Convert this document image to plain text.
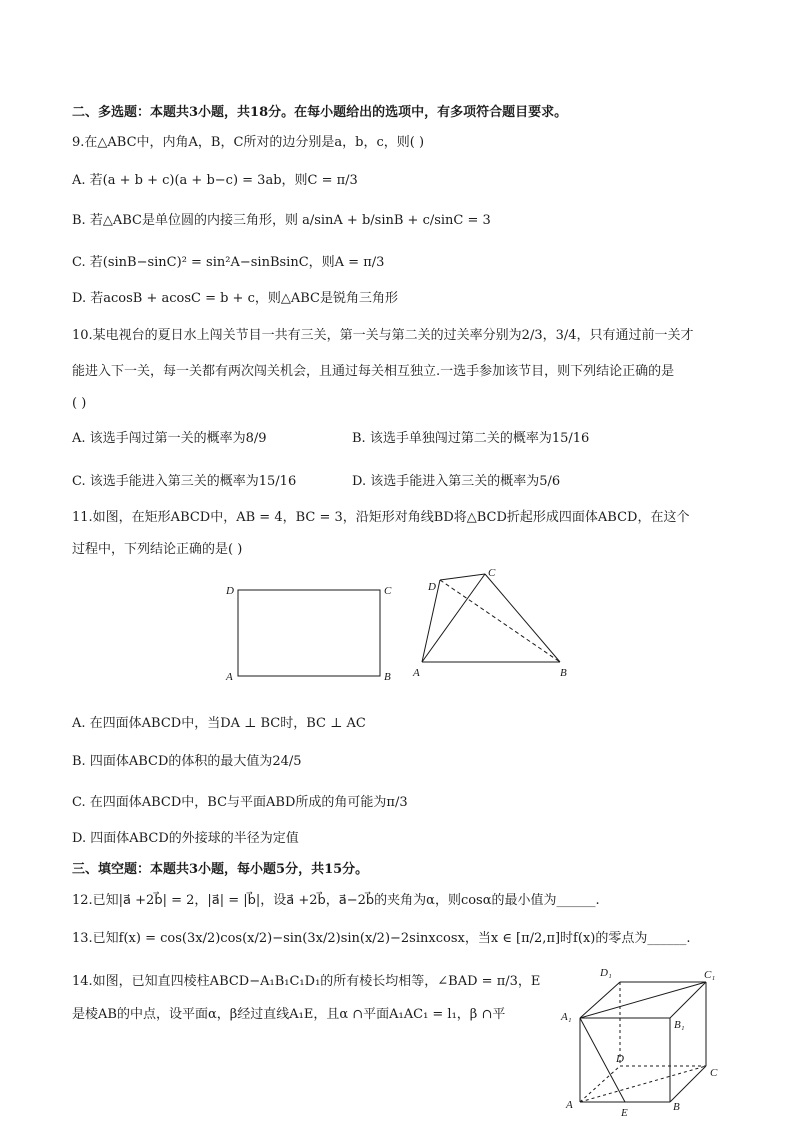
二、多选题：本题共3小题，共18分。在每小题给出的选项中，有多项符合题目要求。
9.在△ABC中，内角A，B，C所对的边分别是a，b，c，则( )
A. 若(a + b + c)(a + b−c) = 3ab，则C = π/3
B. 若△ABC是单位圆的内接三角形，则 a/sinA + b/sinB + c/sinC = 3
C. 若(sinB−sinC)² = sin²A−sinBsinC，则A = π/3
D. 若acosB + acosC = b + c，则△ABC是锐角三角形
10.某电视台的夏日水上闯关节目一共有三关，第一关与第二关的过关率分别为2/3，3/4，只有通过前一关才
能进入下一关，每一关都有两次闯关机会，且通过每关相互独立.一选手参加该节目，则下列结论正确的是
( )
A. 该选手闯过第一关的概率为8/9	B. 该选手单独闯过第二关的概率为15/16
C. 该选手能进入第三关的概率为15/16	D. 该选手能进入第三关的概率为5/6
11.如图，在矩形ABCD中，AB = 4，BC = 3，沿矩形对角线BD将△BCD折起形成四面体ABCD，在这个
过程中，下列结论正确的是( )
D	C
A	B
D
C
A	B
A. 在四面体ABCD中，当DA ⊥ BC时，BC ⊥ AC
B. 四面体ABCD的体积的最大值为24/5
C. 在四面体ABCD中，BC与平面ABD所成的角可能为π/3
D. 四面体ABCD的外接球的半径为定值
三、填空题：本题共3小题，每小题5分，共15分。
12.已知|a⃗ +2b⃗| = 2，|a⃗| = |b⃗|，设a⃗ +2b⃗，a⃗−2b⃗的夹角为α，则cosα的最小值为______.
13.已知f(x) = cos(3x/2)cos(x/2)−sin(3x/2)sin(x/2)−2sinxcosx，当x ∈ [π/2,π]时f(x)的零点为______.
14.如图，已知直四棱柱ABCD−A₁B₁C₁D₁的所有棱长均相等，∠BAD = π/3，E
是棱AB的中点，设平面α，β经过直线A₁E，且α ∩平面A₁AC₁ = l₁，β ∩平
D₁	C₁
A₁
B₁
D
C
A
E	B
